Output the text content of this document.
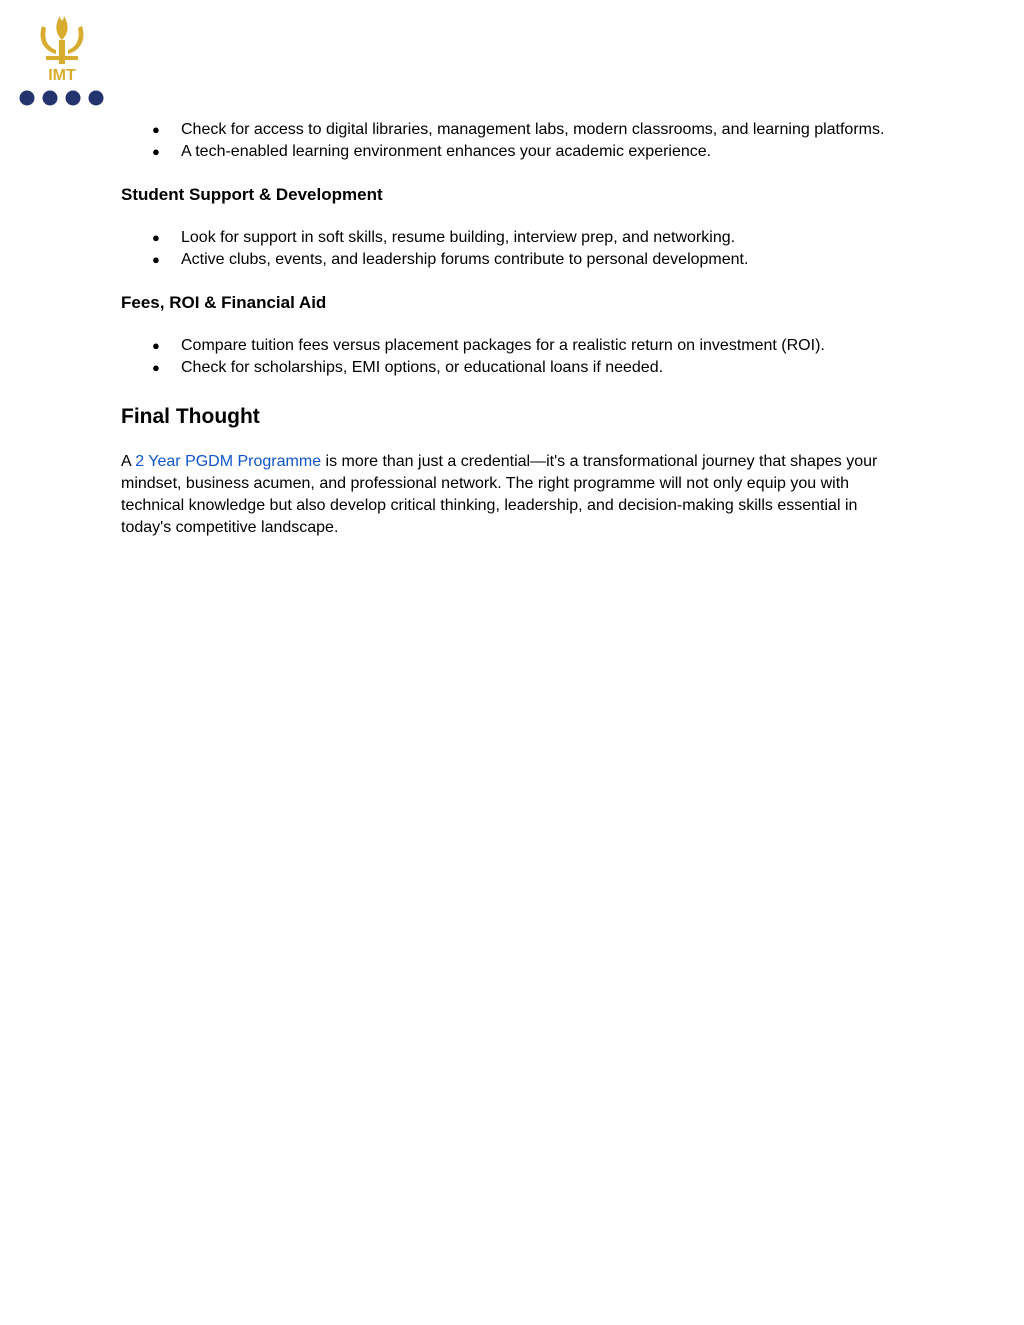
IMT
● Check for access to digital libraries, management labs, modern classrooms, and learning platforms.
● A tech-enabled learning environment enhances your academic experience.
Student Support & Development
● Look for support in soft skills, resume building, interview prep, and networking.
● Active clubs, events, and leadership forums contribute to personal development.
Fees, ROI & Financial Aid
● Compare tuition fees versus placement packages for a realistic return on investment (ROI).
● Check for scholarships, EMI options, or educational loans if needed.
Final Thought

A 2 Year PGDM Programme is more than just a credential—it's a transformational journey that shapes your mindset, business acumen, and professional network. The right programme will not only equip you with technical knowledge but also develop critical thinking, leadership, and decision-making skills essential in today's competitive landscape.
